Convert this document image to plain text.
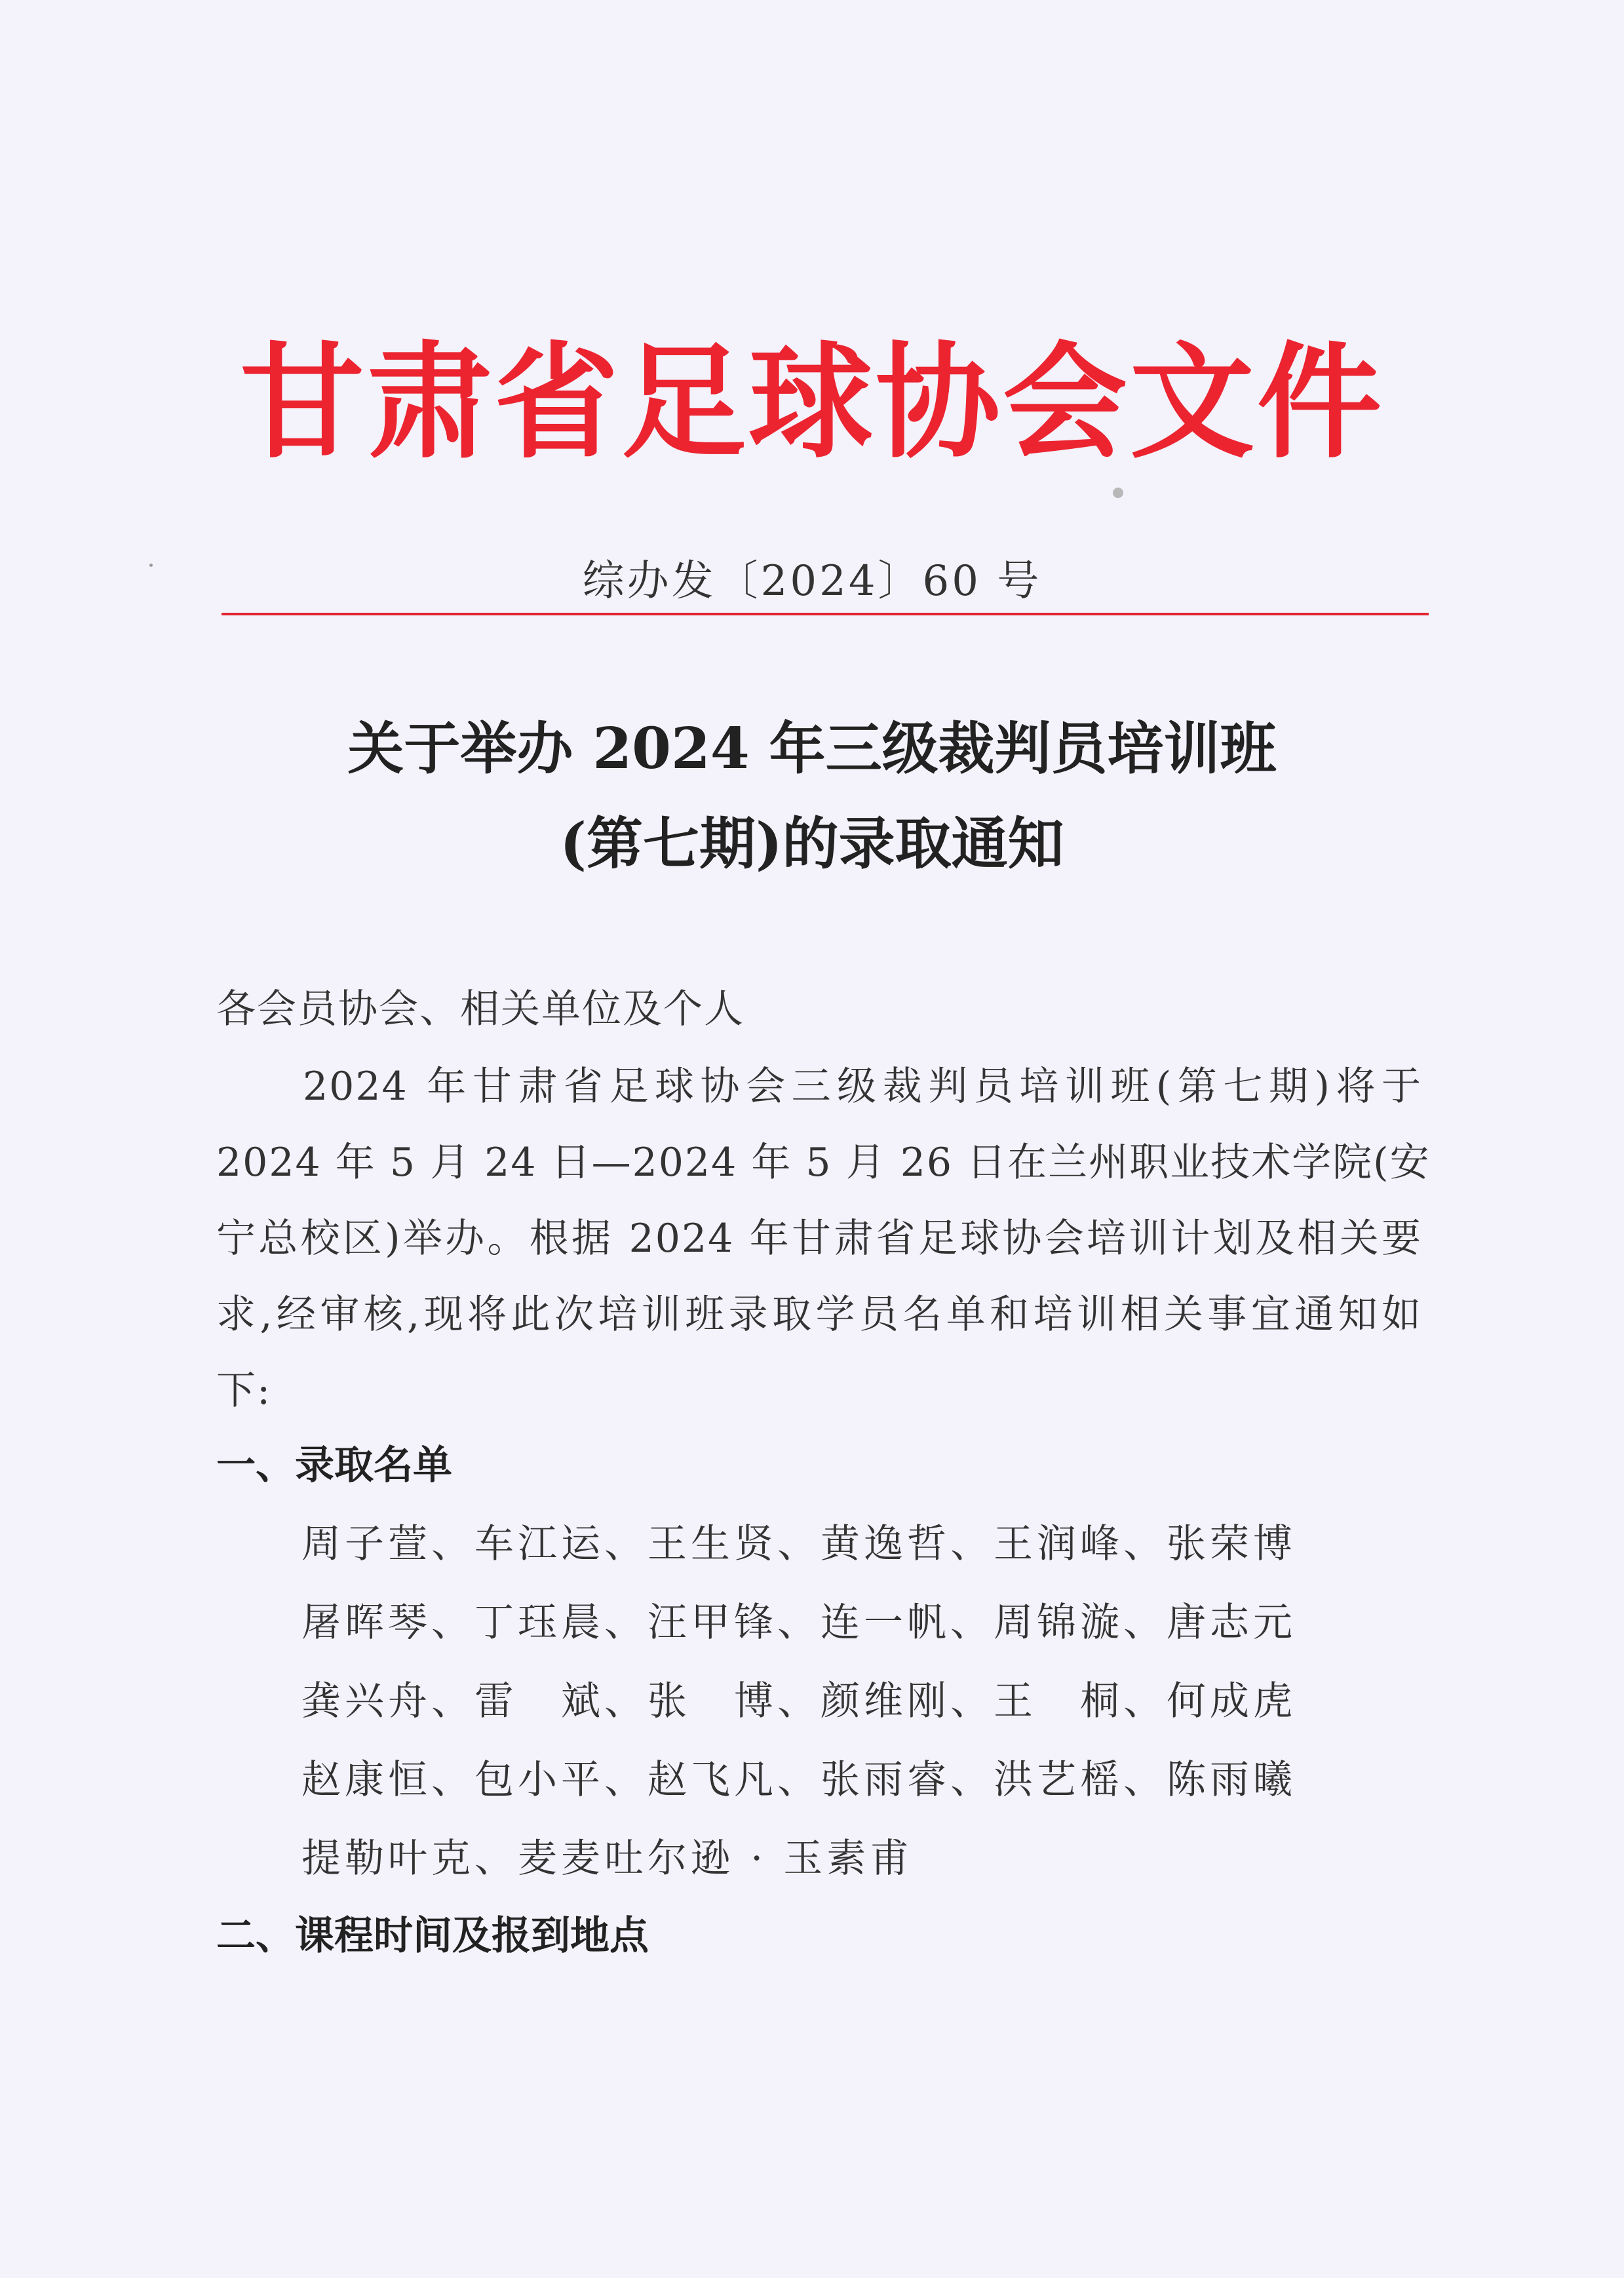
甘肃省足球协会文件
综办发〔2024〕60 号
关于举办 2024 年三级裁判员培训班
(第七期)的录取通知
各会员协会、相关单位及个人
2024 年甘肃省足球协会三级裁判员培训班(第七期)将于
2024 年 5 月 24 日—2024 年 5 月 26 日在兰州职业技术学院(安
宁总校区)举办。根据 2024 年甘肃省足球协会培训计划及相关要
求,经审核,现将此次培训班录取学员名单和培训相关事宜通知如
下:
一、录取名单
周子萱、车江运、王生贤、黄逸哲、王润峰、张荣博
屠晖琴、丁珏晨、汪甲锋、连一帆、周锦漩、唐志元
龚兴舟、雷　斌、张　博、颜维刚、王　桐、何成虎
赵康恒、包小平、赵飞凡、张雨睿、洪艺榣、陈雨曦
提勒叶克、麦麦吐尔逊 · 玉素甫
二、课程时间及报到地点
